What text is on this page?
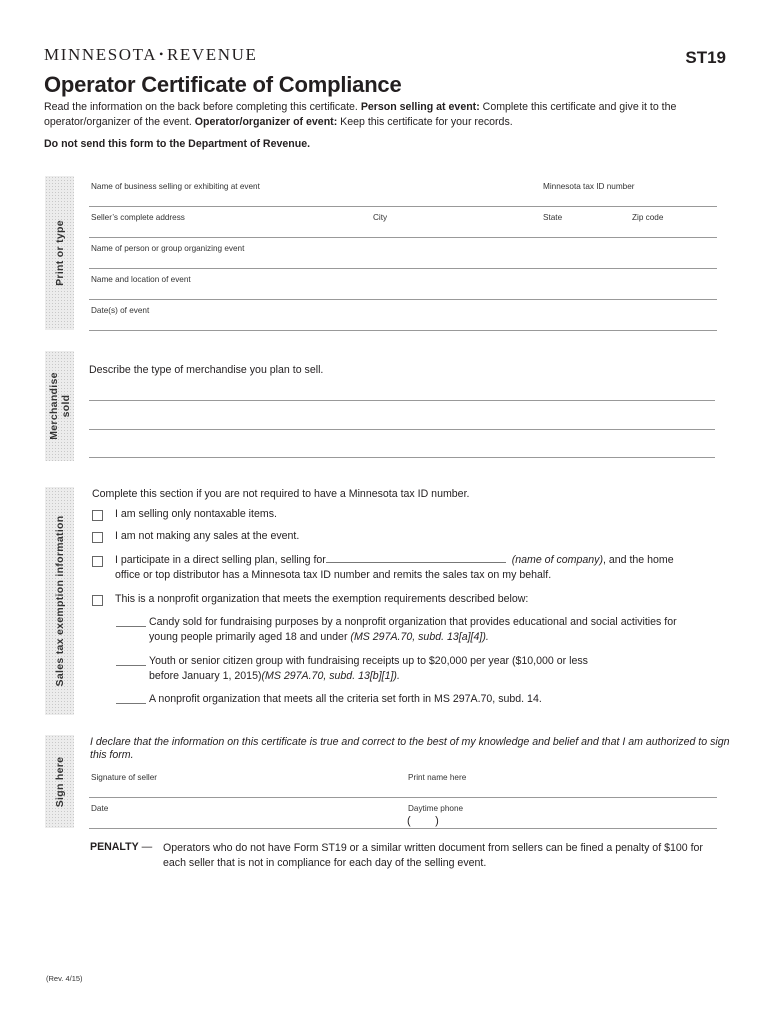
MINNESOTA • REVENUE	ST19
Operator Certificate of Compliance
Read the information on the back before completing this certificate. Person selling at event: Complete this certificate and give it to the operator/organizer of the event. Operator/organizer of event: Keep this certificate for your records.
Do not send this form to the Department of Revenue.
Print or type
Merchandise
sold
Sales tax exemption information
Sign here
Name of business selling or exhibiting at event	Minnesota tax ID number
Seller’s complete address	City	State	Zip code
Name of person or group organizing event
Name and location of event
Date(s) of event
Describe the type of merchandise you plan to sell.
Complete this section if you are not required to have a Minnesota tax ID number.
I am selling only nontaxable items.
I am not making any sales at the event.
I participate in a direct selling plan, selling for	(name of company), and the home
office or top distributor has a Minnesota tax ID number and remits the sales tax on my behalf.
This is a nonprofit organization that meets the exemption requirements described below:
Candy sold for fundraising purposes by a nonprofit organization that provides educational and social activities for
young people primarily aged 18 and under (MS 297A.70, subd. 13[a][4]).
Youth or senior citizen group with fundraising receipts up to $20,000 per year ($10,000 or less
before January 1, 2015)(MS 297A.70, subd. 13[b][1]).
A nonprofit organization that meets all the criteria set forth in MS 297A.70, subd. 14.
I declare that the information on this certificate is true and correct to the best of my knowledge and belief and that I am authorized to sign this form.
Signature of seller	Print name here
Date	Daytime phone
(        )
PENALTY — Operators who do not have Form ST19 or a similar written document from sellers can be fined a penalty of $100 for each seller that is not in compliance for each day of the selling event.
(Rev. 4/15)
